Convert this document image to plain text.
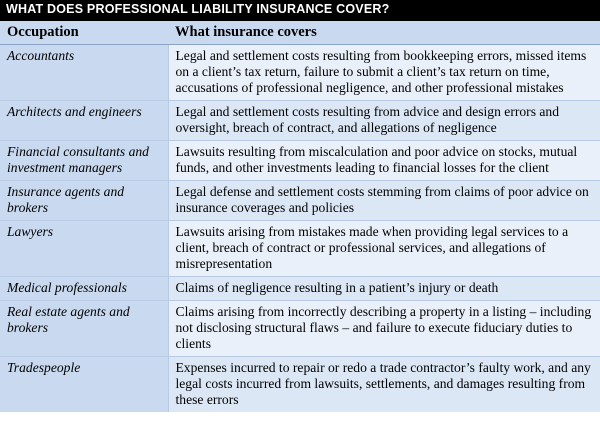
WHAT DOES PROFESSIONAL LIABILITY INSURANCE COVER?
Occupation	What insurance covers
Accountants	Legal and settlement costs resulting from bookkeeping errors, missed items on a client’s tax return, failure to submit a client’s tax return on time, accusations of professional negligence, and other professional mistakes
Architects and engineers	Legal and settlement costs resulting from advice and design errors and oversight, breach of contract, and allegations of negligence
Financial consultants and investment managers	Lawsuits resulting from miscalculation and poor advice on stocks, mutual funds, and other investments leading to financial losses for the client
Insurance agents and brokers	Legal defense and settlement costs stemming from claims of poor advice on insurance coverages and policies
Lawyers	Lawsuits arising from mistakes made when providing legal services to a client, breach of contract or professional services, and allegations of misrepresentation
Medical professionals	Claims of negligence resulting in a patient’s injury or death
Real estate agents and brokers	Claims arising from incorrectly describing a property in a listing – including not disclosing structural flaws – and failure to execute fiduciary duties to clients
Tradespeople	Expenses incurred to repair or redo a trade contractor’s faulty work, and any legal costs incurred from lawsuits, settlements, and damages resulting from these errors
